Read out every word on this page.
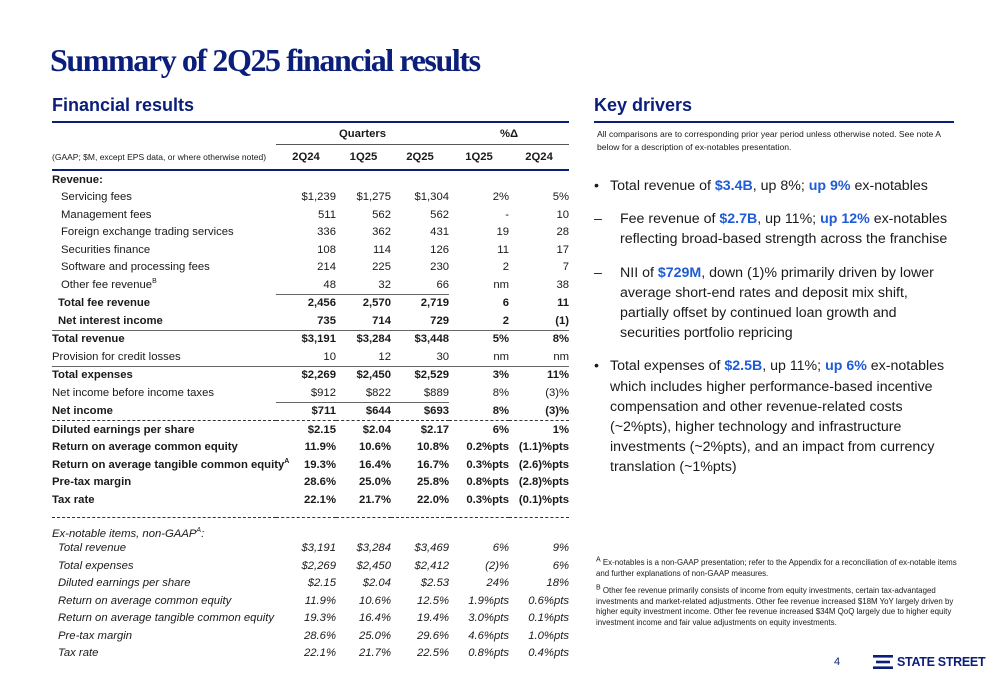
Summary of 2Q25 financial results
Financial results	Key drivers
	Quarters			%Δ	
(GAAP; $M, except EPS data, or where otherwise noted)	2Q24	1Q25	2Q25	1Q25	2Q24
Revenue:					
Servicing fees	$1,239	$1,275	$1,304	2%	5%
Management fees	511	562	562	-	10
Foreign exchange trading services	336	362	431	19	28
Securities finance	108	114	126	11	17
Software and processing fees	214	225	230	2	7
Other fee revenue$^B$	48	32	66	nm	38
Total fee revenue	2,456	2,570	2,719	6	11
Net interest income	735	714	729	2	(1)
Total revenue	$3,191	$3,284	$3,448	5%	8%
Provision for credit losses	10	12	30	nm	nm
Total expenses	$2,269	$2,450	$2,529	3%	11%
Net income before income taxes	$912	$822	$889	8%	(3)%
Net income	$711	$644	$693	8%	(3)%
Diluted earnings per share	$2.15	$2.04	$2.17	6%	1%
Return on average common equity	11.9%	10.6%	10.8%	0.2%pts	(1.1)%pts
Return on average tangible common equity$^A$	19.3%	16.4%	16.7%	0.3%pts	(2.6)%pts
Pre-tax margin	28.6%	25.0%	25.8%	0.8%pts	(2.8)%pts
Tax rate	22.1%	21.7%	22.0%	0.3%pts	(0.1)%pts

Ex-notable items, non-$GAAP^A$:					
Total revenue	$3,191	$3,284	$3,469	6%	9%
Total expenses	$2,269	$2,450	$2,412	(2)%	6%
Diluted earnings per share	$2.15	$2.04	$2.53	24%	18%
Return on average common equity	11.9%	10.6%	12.5%	1.9%pts	0.6%pts
Return on average tangible common equity	19.3%	16.4%	19.4%	3.0%pts	0.1%pts
Pre-tax margin	28.6%	25.0%	29.6%	4.6%pts	1.0%pts
Tax rate	22.1%	21.7%	22.5%	0.8%pts	0.4%pts

All comparisons are to corresponding prior year period unless otherwise noted. See note A below for a description of ex-notables presentation.

• Total revenue of $3.4B, up 8%; up 9% ex-notables
– Fee revenue of $2.7B, up 11%; up 12% ex-notables reflecting broad-based strength across the franchise
– NII of $729M, down (1)% primarily driven by lower average short-end rates and deposit mix shift, partially offset by continued loan growth and securities portfolio repricing
• Total expenses of $2.5B, up 11%; up 6% ex-notables which includes higher performance-based incentive compensation and other revenue-related costs (~2%pts), higher technology and infrastructure investments (~2%pts), and an impact from currency translation (~1%pts)

$^A$ Ex-notables is a non-GAAP presentation; refer to the Appendix for a reconciliation of ex-notable items and further explanations of non-GAAP measures.

$^B$ Other fee revenue primarily consists of income from equity investments, certain tax-advantaged investments and market-related adjustments. Other fee revenue increased $18M YoY largely driven by higher equity investment income. Other fee revenue increased $34M QoQ largely due to higher equity investment income and fair value adjustments on equity investments.

4	STATE STREET
